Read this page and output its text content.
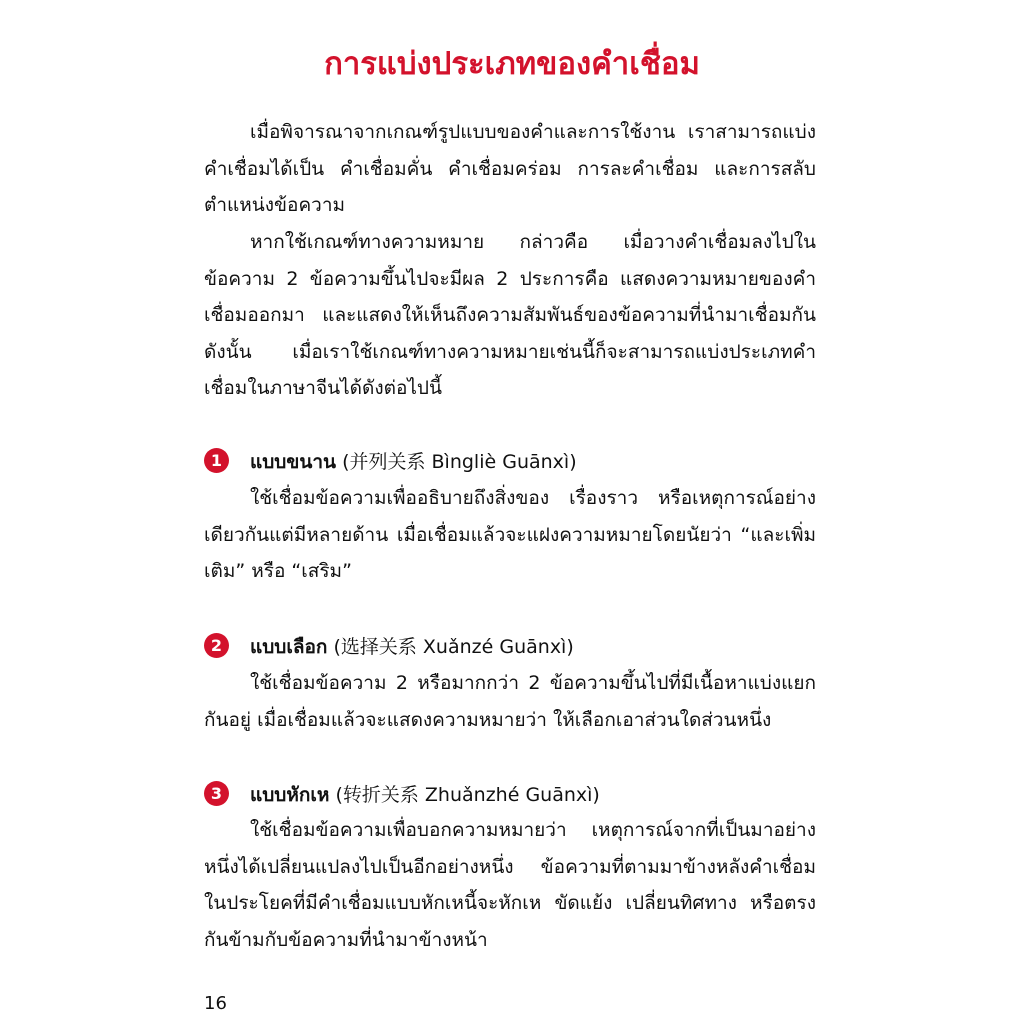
การแบ่งประเภทของคำเชื่อม

เมื่อพิจารณาจากเกณฑ์รูปแบบของคำและการใช้งาน เราสามารถแบ่งคำเชื่อมได้เป็น คำเชื่อมคั่น คำเชื่อมคร่อม การละคำเชื่อม และการสลับตำแหน่งข้อความ

หากใช้เกณฑ์ทางความหมาย กล่าวคือ เมื่อวางคำเชื่อมลงไปในข้อความ 2 ข้อความขึ้นไปจะมีผล 2 ประการคือ แสดงความหมายของคำเชื่อมออกมา และแสดงให้เห็นถึงความสัมพันธ์ของข้อความที่นำมาเชื่อมกัน ดังนั้น เมื่อเราใช้เกณฑ์ทางความหมายเช่นนี้ก็จะสามารถแบ่งประเภทคำเชื่อมในภาษาจีนได้ดังต่อไปนี้

1 แบบขนาน (并列关系 Bìngliè Guānxì)

ใช้เชื่อมข้อความเพื่ออธิบายถึงสิ่งของ เรื่องราว หรือเหตุการณ์อย่างเดียวกันแต่มีหลายด้าน เมื่อเชื่อมแล้วจะแฝงความหมายโดยนัยว่า “และเพิ่มเติม” หรือ “เสริม”

2 แบบเลือก (选择关系 Xuǎnzé Guānxì)

ใช้เชื่อมข้อความ 2 หรือมากกว่า 2 ข้อความขึ้นไปที่มีเนื้อหาแบ่งแยกกันอยู่ เมื่อเชื่อมแล้วจะแสดงความหมายว่า ให้เลือกเอาส่วนใดส่วนหนึ่ง

3 แบบหักเห (转折关系 Zhuǎnzhé Guānxì)

ใช้เชื่อมข้อความเพื่อบอกความหมายว่า เหตุการณ์จากที่เป็นมาอย่างหนึ่งได้เปลี่ยนแปลงไปเป็นอีกอย่างหนึ่ง ข้อความที่ตามมาข้างหลังคำเชื่อมในประโยคที่มีคำเชื่อมแบบหักเหนี้จะหักเห ขัดแย้ง เปลี่ยนทิศทาง หรือตรงกันข้ามกับข้อความที่นำมาข้างหน้า

16
